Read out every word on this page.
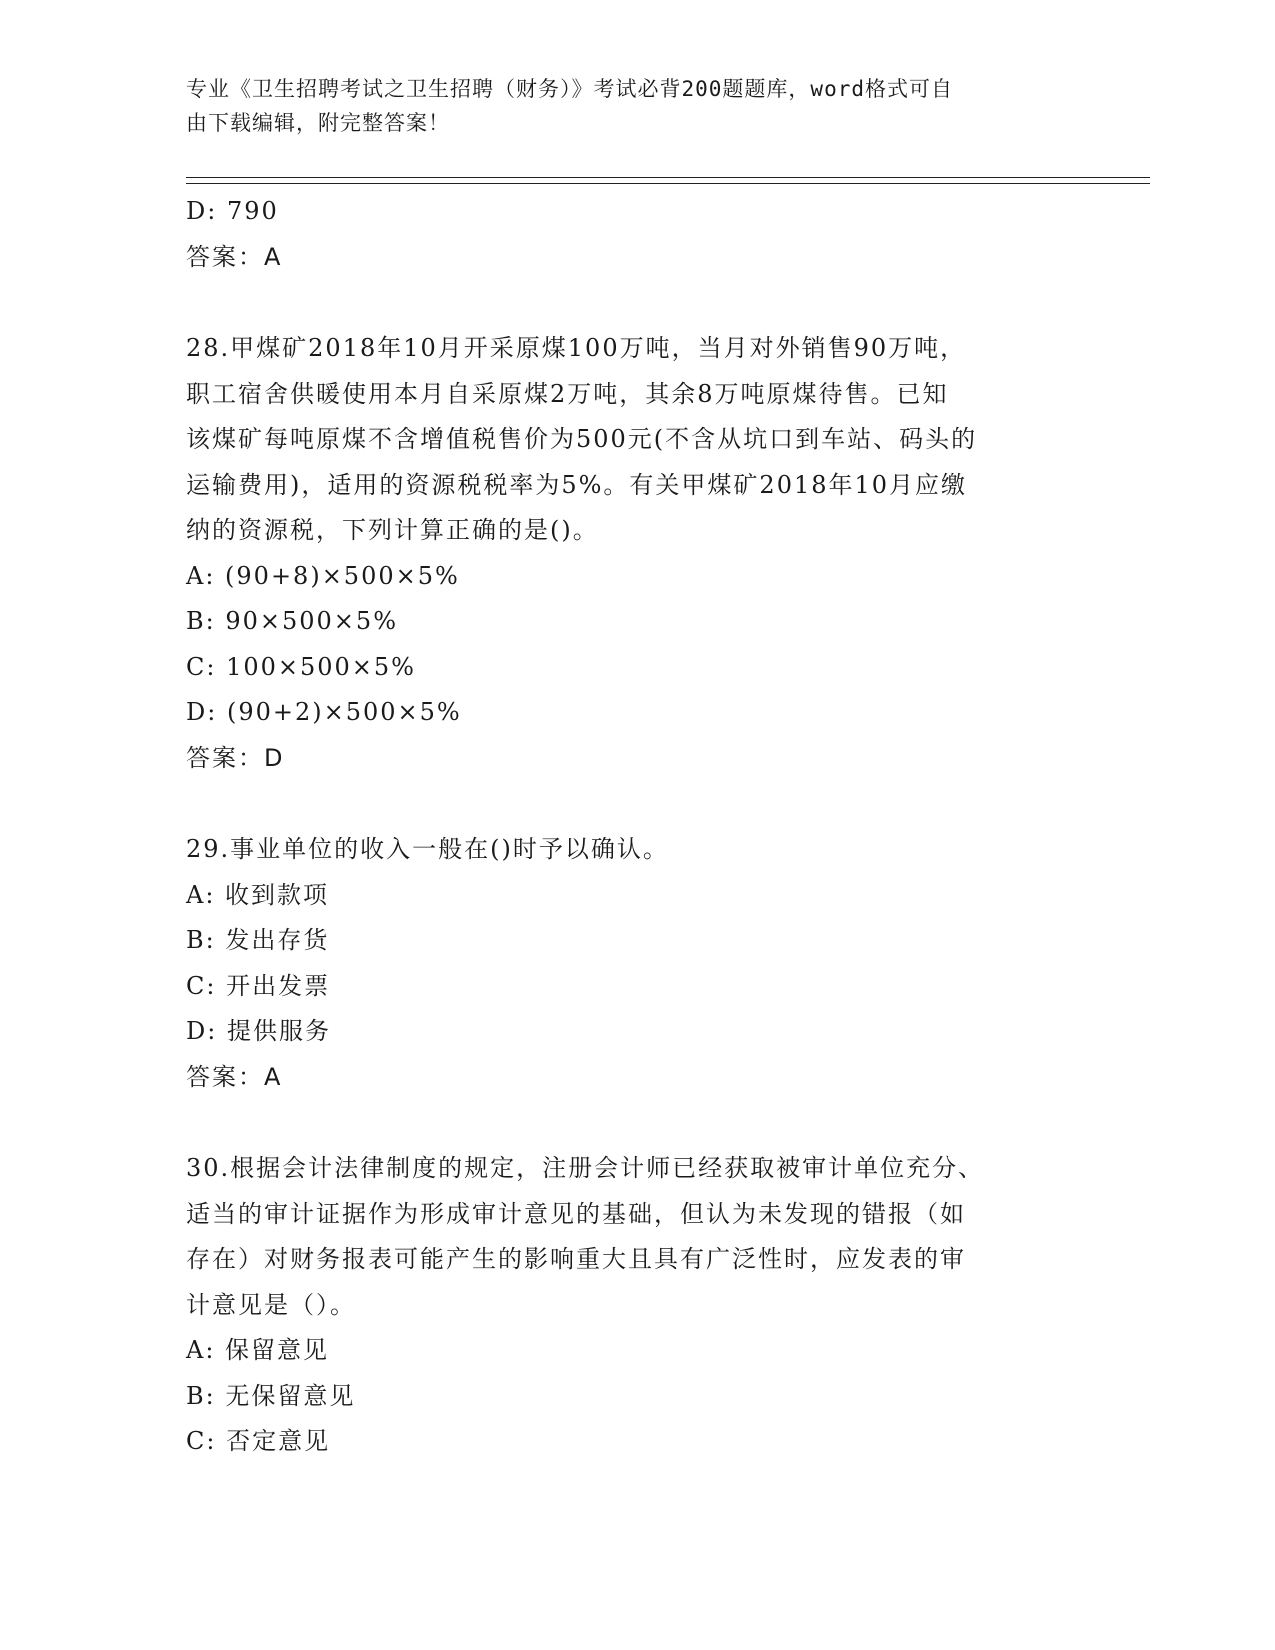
专业《卫生招聘考试之卫生招聘（财务）》考试必背200题题库，word格式可自
由下载编辑，附完整答案！
D: 790
答案：A
28.甲煤矿2018年10月开采原煤100万吨，当月对外销售90万吨，
职工宿舍供暖使用本月自采原煤2万吨，其余8万吨原煤待售。已知
该煤矿每吨原煤不含增值税售价为500元(不含从坑口到车站、码头的
运输费用)，适用的资源税税率为5%。有关甲煤矿2018年10月应缴
纳的资源税，下列计算正确的是()。
A: (90+8)×500×5%
B: 90×500×5%
C: 100×500×5%
D: (90+2)×500×5%
答案：D
29.事业单位的收入一般在()时予以确认。
A: 收到款项
B: 发出存货
C: 开出发票
D: 提供服务
答案：A
30.根据会计法律制度的规定，注册会计师已经获取被审计单位充分、
适当的审计证据作为形成审计意见的基础，但认为未发现的错报（如
存在）对财务报表可能产生的影响重大且具有广泛性时，应发表的审
计意见是（）。
A: 保留意见
B: 无保留意见
C: 否定意见
